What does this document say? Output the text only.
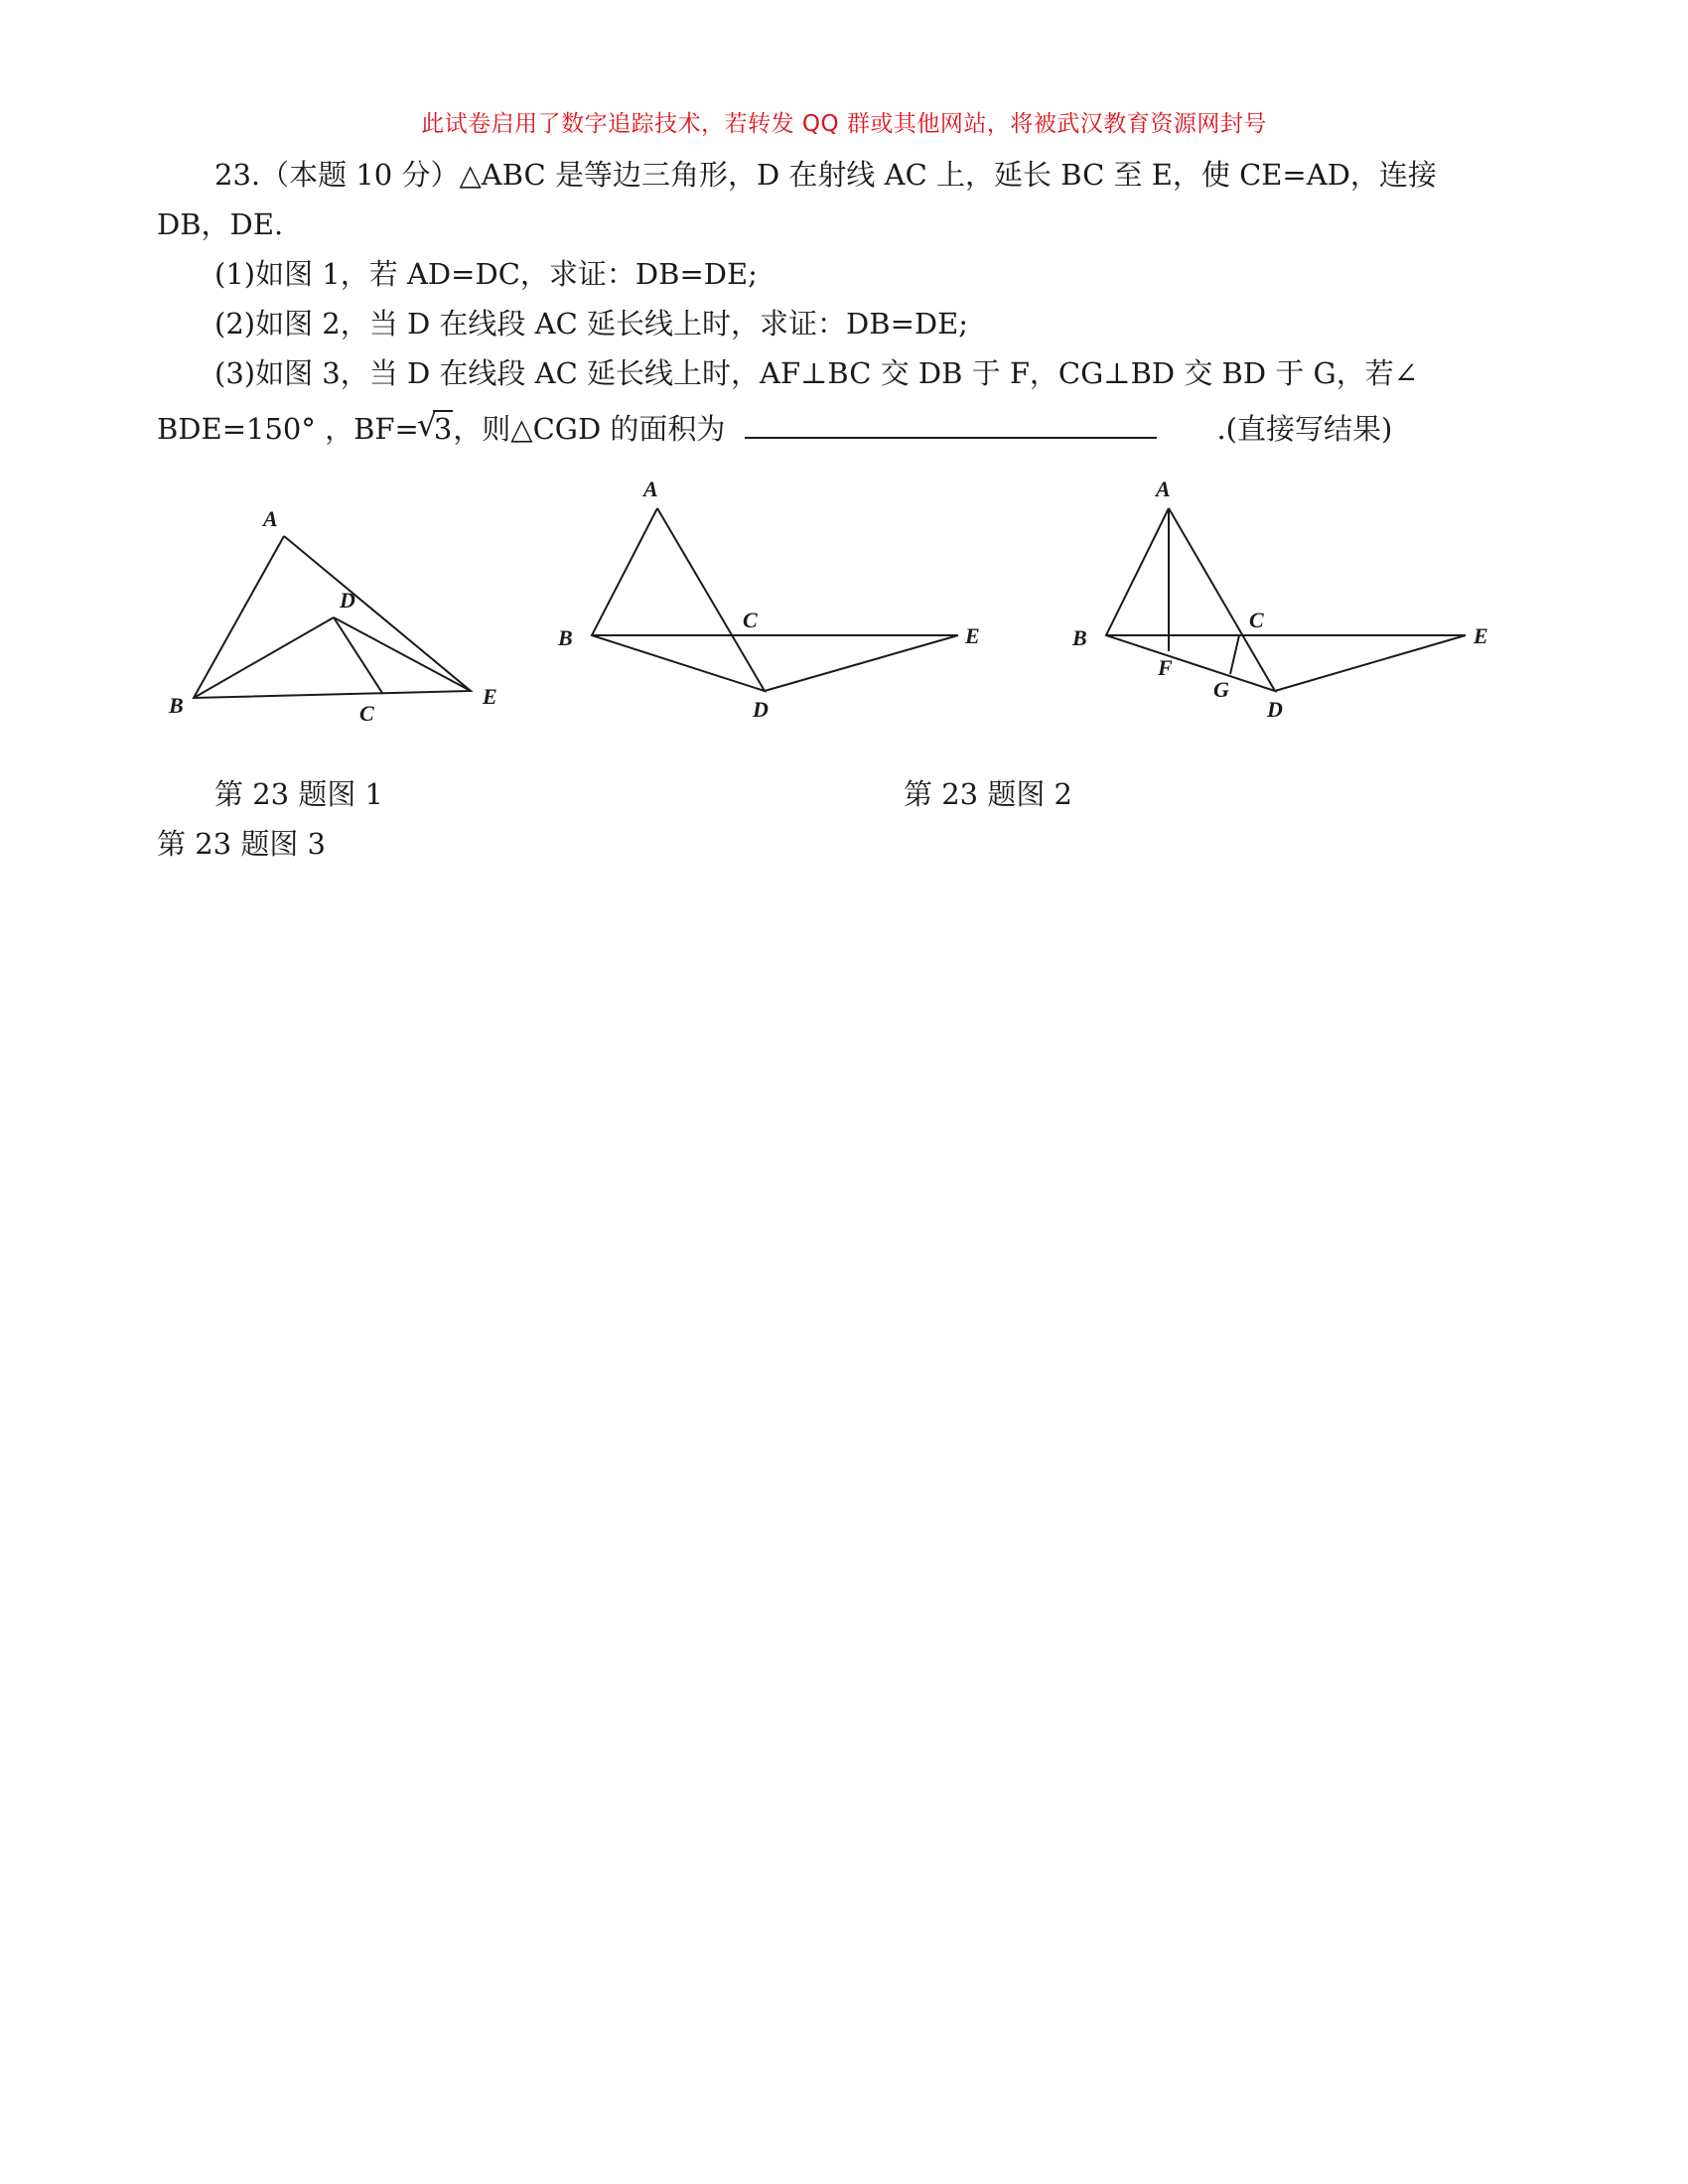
此试卷启用了数字追踪技术，若转发 QQ 群或其他网站，将被武汉教育资源网封号
23.（本题 10 分）△ABC 是等边三角形，D 在射线 AC 上，延长 BC 至 E，使 CE=AD，连接
DB，DE.
(1)如图 1，若 AD=DC，求证：DB=DE;
(2)如图 2，当 D 在线段 AC 延长线上时，求证：DB=DE;
(3)如图 3，当 D 在线段 AC 延长线上时，AF⊥BC 交 DB 于 F，CG⊥BD 交 BD 于 G，若∠
BDE=150° ，BF=
√
3，则△CGD 的面积为	.(直接写结果)
A
B	C
D
E
A
B
C
D
E
A
B
C
D
E
F
G
第 23 题图 1	第 23 题图 2
第 23 题图 3
